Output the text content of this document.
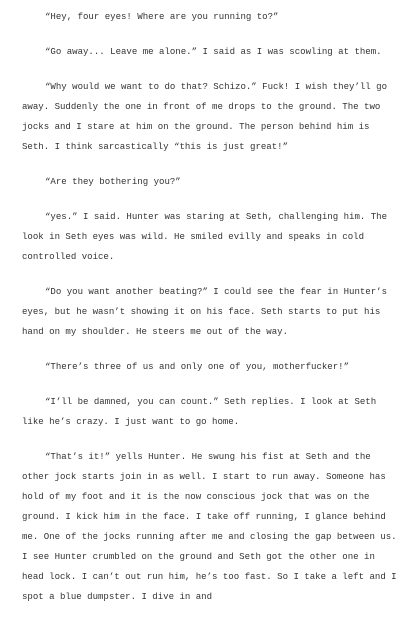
“Hey, four eyes! Where are you running to?”

“Go away... Leave me alone.” I said as I was scowling at them.

“Why would we want to do that? Schizo.” Fuck! I wish they’ll go away. Suddenly the one in front of me drops to the ground. The two jocks and I stare at him on the ground. The person behind him is Seth. I think sarcastically “this is just great!”

“Are they bothering you?”

“yes.” I said. Hunter was staring at Seth, challenging him. The look in Seth eyes was wild. He smiled evilly and speaks in cold controlled voice.

“Do you want another beating?” I could see the fear in Hunter’s eyes, but he wasn’t showing it on his face. Seth starts to put his hand on my shoulder. He steers me out of the way.

“There’s three of us and only one of you, motherfucker!”

“I’ll be damned, you can count.” Seth replies. I look at Seth like he’s crazy. I just want to go home.

“That’s it!” yells Hunter. He swung his fist at Seth and the other jock starts join in as well. I start to run away. Someone has hold of my foot and it is the now conscious jock that was on the ground. I kick him in the face. I take off running, I glance behind me. One of the jocks running after me and closing the gap between us. I see Hunter crumbled on the ground and Seth got the other one in head lock. I can’t out run him, he’s too fast. So I take a left and I spot a blue dumpster. I dive in and
